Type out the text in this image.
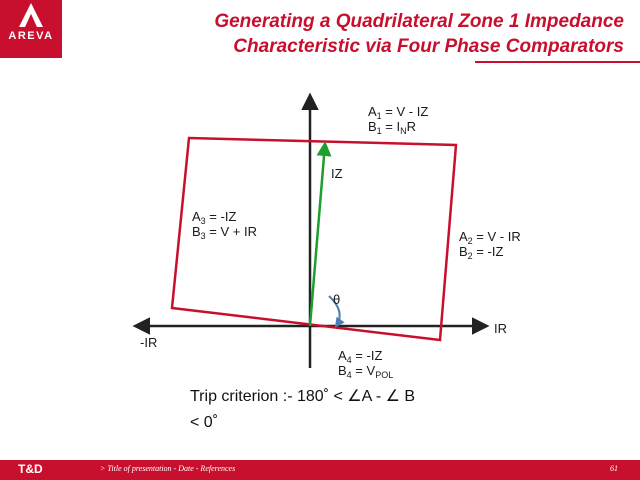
AREVA
Generating a Quadrilateral Zone 1 Impedance
Characteristic via Four Phase Comparators
$A_1 = V$ - IZ
$B_1 = I_NR$
IZ
$A_3 = -IZ$
$B_3 = V$ + IR	$A_2 = V$ - IR
$B_2 = -IZ$
θ
IR
-IR
$A_4 = -IZ$
$B_4 = V_{POL}$
Trip criterion :- 180˚ < ∠A - ∠ B
< 0˚
T&D	> Title of presentation - Date - References	61
